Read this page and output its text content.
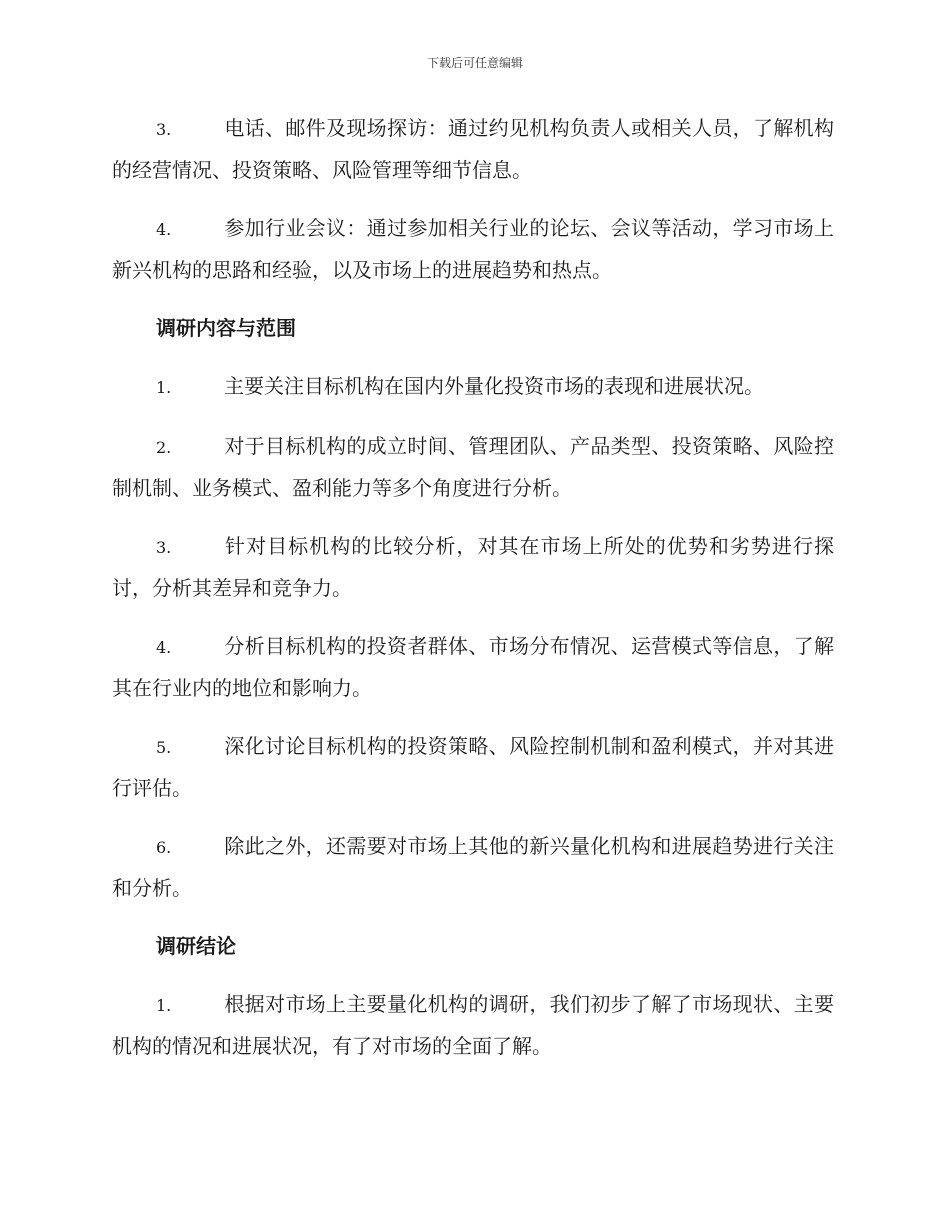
下载后可任意编辑

3.	电话、邮件及现场探访：通过约见机构负责人或相关人员，了解机构的经营情况、投资策略、风险管理等细节信息。

4.	参加行业会议：通过参加相关行业的论坛、会议等活动，学习市场上新兴机构的思路和经验，以及市场上的进展趋势和热点。

调研内容与范围

1.	主要关注目标机构在国内外量化投资市场的表现和进展状况。

2.	对于目标机构的成立时间、管理团队、产品类型、投资策略、风险控制机制、业务模式、盈利能力等多个角度进行分析。

3.	针对目标机构的比较分析，对其在市场上所处的优势和劣势进行探讨，分析其差异和竞争力。

4.	分析目标机构的投资者群体、市场分布情况、运营模式等信息，了解其在行业内的地位和影响力。

5.	深化讨论目标机构的投资策略、风险控制机制和盈利模式，并对其进行评估。

6.	除此之外，还需要对市场上其他的新兴量化机构和进展趋势进行关注和分析。

调研结论

1.	根据对市场上主要量化机构的调研，我们初步了解了市场现状、主要机构的情况和进展状况，有了对市场的全面了解。
